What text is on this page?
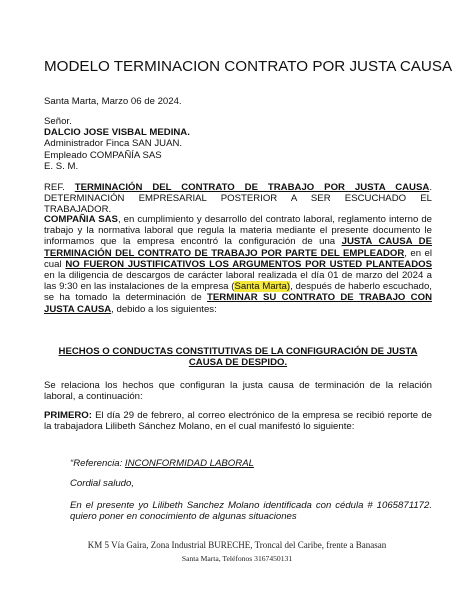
MODELO TERMINACION CONTRATO POR JUSTA CAUSA
Santa Marta, Marzo 06 de 2024.

Señor.

DALCIO JOSE VISBAL MEDINA.

Administrador Finca SAN JUAN.

Empleado COMPAÑÍA SAS

E. S. M.

REF. TERMINACIÓN DEL CONTRATO DE TRABAJO POR JUSTA CAUSA. DETERMINACIÓN EMPRESARIAL POSTERIOR A SER ESCUCHADO EL TRABAJADOR.
COMPAÑIA SAS, en cumplimiento y desarrollo del contrato laboral, reglamento interno de trabajo y la normativa laboral que regula la materia mediante el presente documento le informamos que la empresa encontró la configuración de una JUSTA CAUSA DE TERMINACIÓN DEL CONTRATO DE TRABAJO POR PARTE DEL EMPLEADOR, en el cual NO FUERON JUSTIFICATIVOS LOS ARGUMENTOS POR USTED PLANTEADOS en la diligencia de descargos de carácter laboral realizada el día 01 de marzo del 2024 a las 9:30 en las instalaciones de la empresa (Santa Marta), después de haberlo escuchado, se ha tomado la determinación de TERMINAR SU CONTRATO DE TRABAJO CON JUSTA CAUSA, debido a los siguientes:
HECHOS O CONDUCTAS CONSTITUTIVAS DE LA CONFIGURACIÓN DE JUSTA CAUSA DE DESPIDO.
Se relaciona los hechos que configuran la justa causa de terminación de la relación laboral, a continuación:
PRIMERO: El día 29 de febrero, al correo electrónico de la empresa se recibió reporte de la trabajadora Lilibeth Sánchez Molano, en el cual manifestó lo siguiente:
“Referencia: INCONFORMIDAD LABORAL
Cordial saludo,
En el presente yo Lilibeth Sanchez Molano identificada con cédula # 1065871172. quiero poner en conocimiento de algunas situaciones
KM 5 Vía Gaira, Zona Industrial BURECHE, Troncal del Caribe, frente a Banasan
Santa Marta, Teléfonos 3167450131
